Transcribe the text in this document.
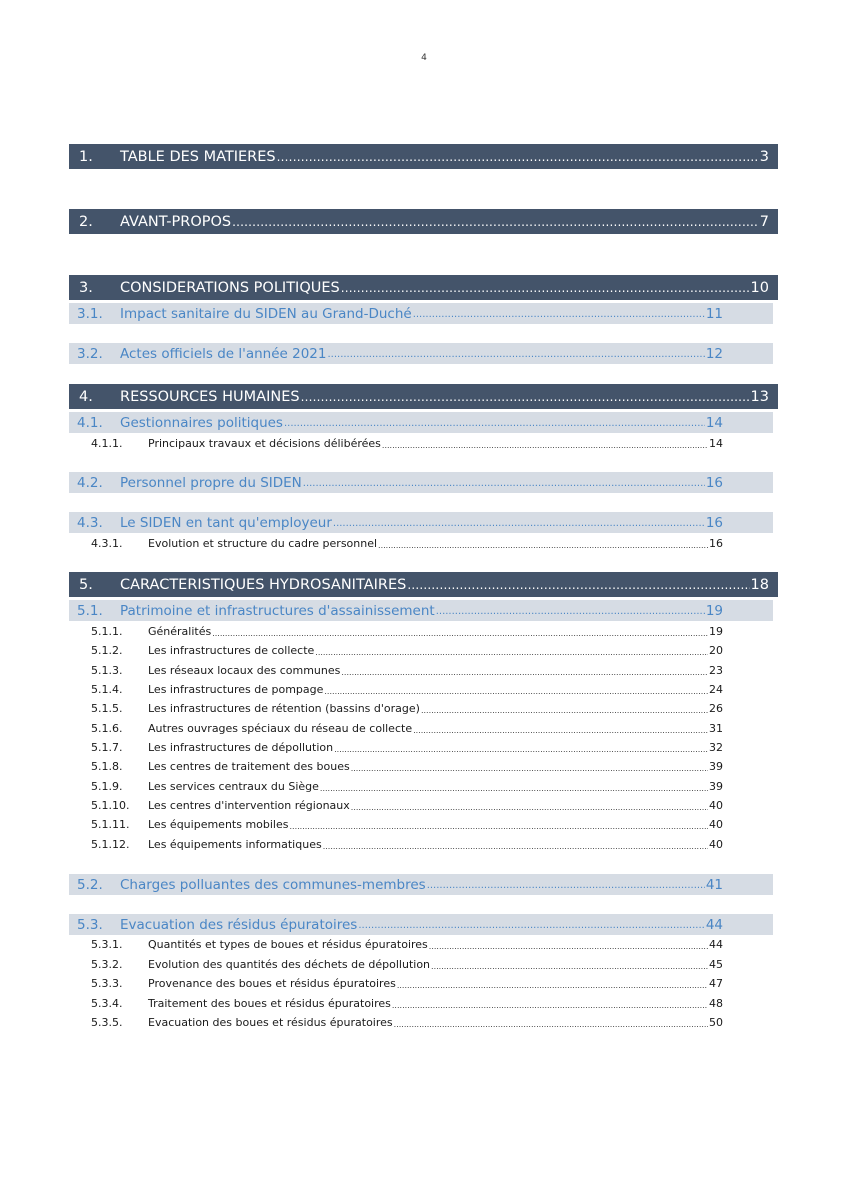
4
1.	TABLE DES MATIERES .....	3
2.	AVANT-PROPOS .....	7
3.	CONSIDERATIONS POLITIQUES .....	10
3.1.	Impact sanitaire du SIDEN au Grand-Duché .....	11
3.2.	Actes officiels de l'année 2021 .....	12
4.	RESSOURCES HUMAINES .....	13
4.1.	Gestionnaires politiques .....	14
4.1.1.	Principaux travaux et décisions délibérées .....	14
4.2.	Personnel propre du SIDEN .....	16
4.3.	Le SIDEN en tant qu'employeur .....	16
4.3.1.	Evolution et structure du cadre personnel .....	16
5.	CARACTERISTIQUES HYDROSANITAIRES .....	18
5.1.	Patrimoine et infrastructures d'assainissement .....	19
5.1.1.	Généralités .....	19
5.1.2.	Les infrastructures de collecte .....	20
5.1.3.	Les réseaux locaux des communes .....	23
5.1.4.	Les infrastructures de pompage .....	24
5.1.5.	Les infrastructures de rétention (bassins d'orage) .....	26
5.1.6.	Autres ouvrages spéciaux du réseau de collecte .....	31
5.1.7.	Les infrastructures de dépollution .....	32
5.1.8.	Les centres de traitement des boues .....	39
5.1.9.	Les services centraux du Siège .....	39
5.1.10.	Les centres d'intervention régionaux .....	40
5.1.11.	Les équipements mobiles .....	40
5.1.12.	Les équipements informatiques .....	40
5.2.	Charges polluantes des communes-membres .....	41
5.3.	Evacuation des résidus épuratoires .....	44
5.3.1.	Quantités et types de boues et résidus épuratoires .....	44
5.3.2.	Evolution des quantités des déchets de dépollution .....	45
5.3.3.	Provenance des boues et résidus épuratoires .....	47
5.3.4.	Traitement des boues et résidus épuratoires .....	48
5.3.5.	Evacuation des boues et résidus épuratoires .....	50
